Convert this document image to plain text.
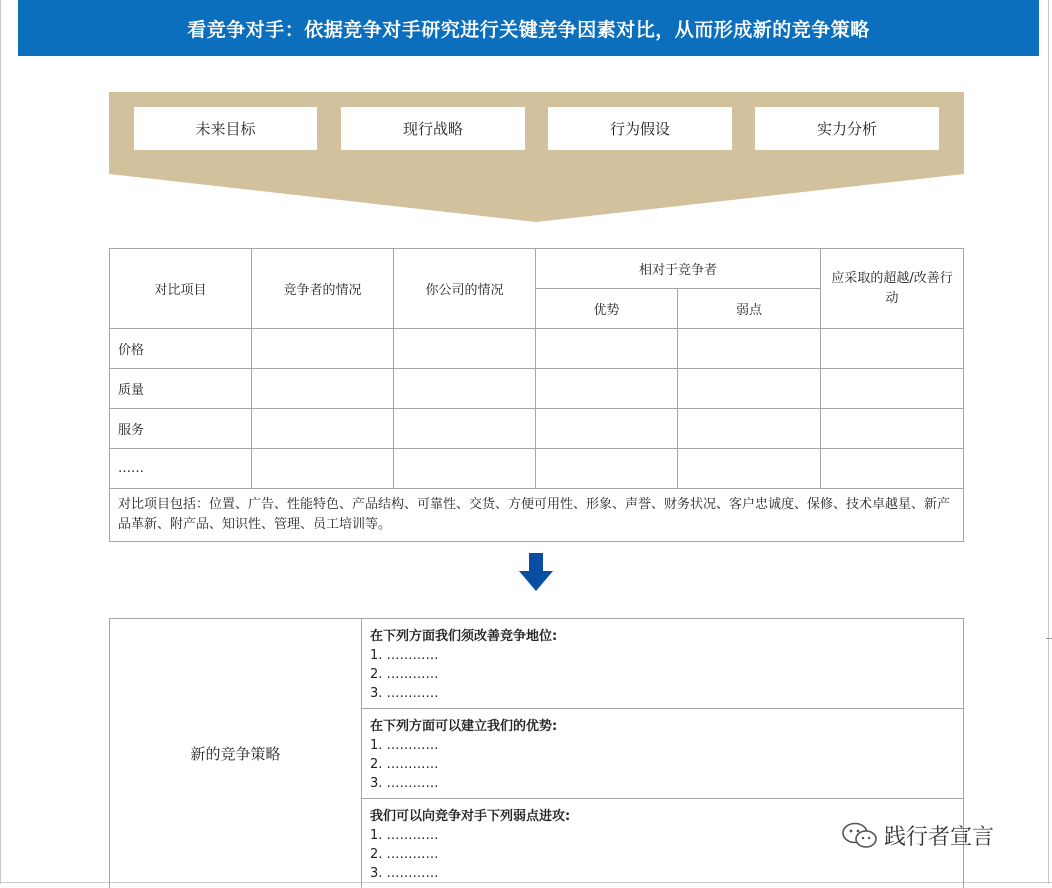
看竞争对手：依据竞争对手研究进行关键竞争因素对比，从而形成新的竞争策略
未来目标	现行战略	行为假设	实力分析
对比项目	竞争者的情况	你公司的情况	相对于竞争者		应采取的超越/改善行动
			优势	弱点	
价格					
质量					
服务					
……					
对比项目包括：位置、广告、性能特色、产品结构、可靠性、交货、方便可用性、形象、声誉、财务状况、客户忠诚度、保修、技术卓越星、新产品革新、附产品、知识性、管理、员工培训等。					
新的竞争策略	
在下列方面我们须改善竞争地位:
1. …………
2. …………
3. …………

在下列方面可以建立我们的优势:
1. …………
2. …………
3. …………

我们可以向竞争对手下列弱点进攻:
1. …………
2. …………
3. …………
践行者宣言
